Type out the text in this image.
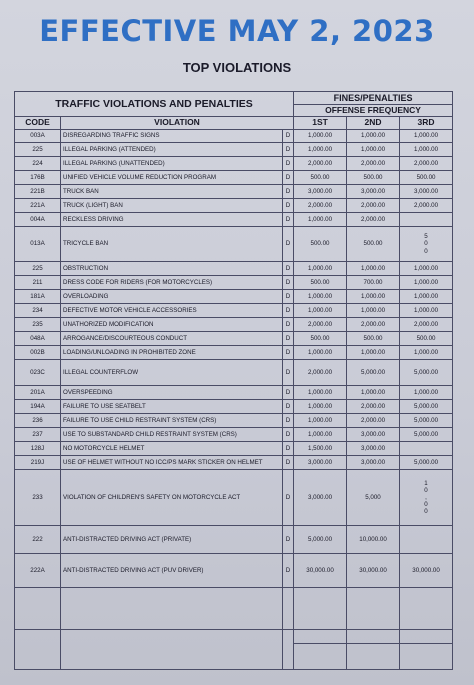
EFFECTIVE MAY 2, 2023
TOP VIOLATIONS
TRAFFIC VIOLATIONS AND PENALTIES			FINES/PENALTIES		
			OFFENSE FREQUENCY		
CODE	VIOLATION		1ST	2ND	3RD
003A	DISREGARDING TRAFFIC SIGNS	D	1,000.00	1,000.00	1,000.00
225	ILLEGAL PARKING (ATTENDED)	D	1,000.00	1,000.00	1,000.00
224	ILLEGAL PARKING (UNATTENDED)	D	2,000.00	2,000.00	2,000.00
176B	UNIFIED VEHICLE VOLUME REDUCTION PROGRAM	D	500.00	500.00	500.00
221B	TRUCK BAN	D	3,000.00	3,000.00	3,000.00
221A	TRUCK (LIGHT) BAN	D	2,000.00	2,000.00	2,000.00
004A	RECKLESS DRIVING	D	1,000.00	2,000.00	
013A	TRICYCLE BAN	D	500.00	500.00	5
0
0

225	OBSTRUCTION	D	1,000.00	1,000.00	1,000.00
211	DRESS CODE FOR RIDERS (FOR MOTORCYCLES)	D	500.00	700.00	1,000.00
181A	OVERLOADING	D	1,000.00	1,000.00	1,000.00
234	DEFECTIVE MOTOR VEHICLE ACCESSORIES	D	1,000.00	1,000.00	1,000.00
235	UNATHORIZED MODIFICATION	D	2,000.00	2,000.00	2,000.00
048A	ARROGANCE/DISCOURTEOUS CONDUCT	D	500.00	500.00	500.00
002B	LOADING/UNLOADING IN PROHIBITED ZONE	D	1,000.00	1,000.00	1,000.00
023C	ILLEGAL COUNTERFLOW	D	2,000.00	5,000.00	5,000.00
201A	OVERSPEEDING	D	1,000.00	1,000.00	1,000.00
194A	FAILURE TO USE SEATBELT	D	1,000.00	2,000.00	5,000.00
236	FAILURE TO USE CHILD RESTRAINT SYSTEM (CRS)	D	1,000.00	2,000.00	5,000.00
237	USE TO SUBSTANDARD CHILD RESTRAINT SYSTEM (CRS)	D	1,000.00	3,000.00	5,000.00
128J	NO MOTORCYCLE HELMET	D	1,500.00	3,000.00	
219J	USE OF HELMET WITHOUT NO ICC/PS MARK STICKER ON HELMET	D	3,000.00	3,000.00	5,000.00
233	VIOLATION OF CHILDREN'S SAFETY ON MOTORCYCLE ACT	D	3,000.00	5,000	1
0
,
0
0

222	ANTI-DISTRACTED DRIVING ACT (PRIVATE)	D	5,000.00	10,000.00	
222A	ANTI-DISTRACTED DRIVING ACT (PUV DRIVER)	D	30,000.00	30,000.00	30,000.00
